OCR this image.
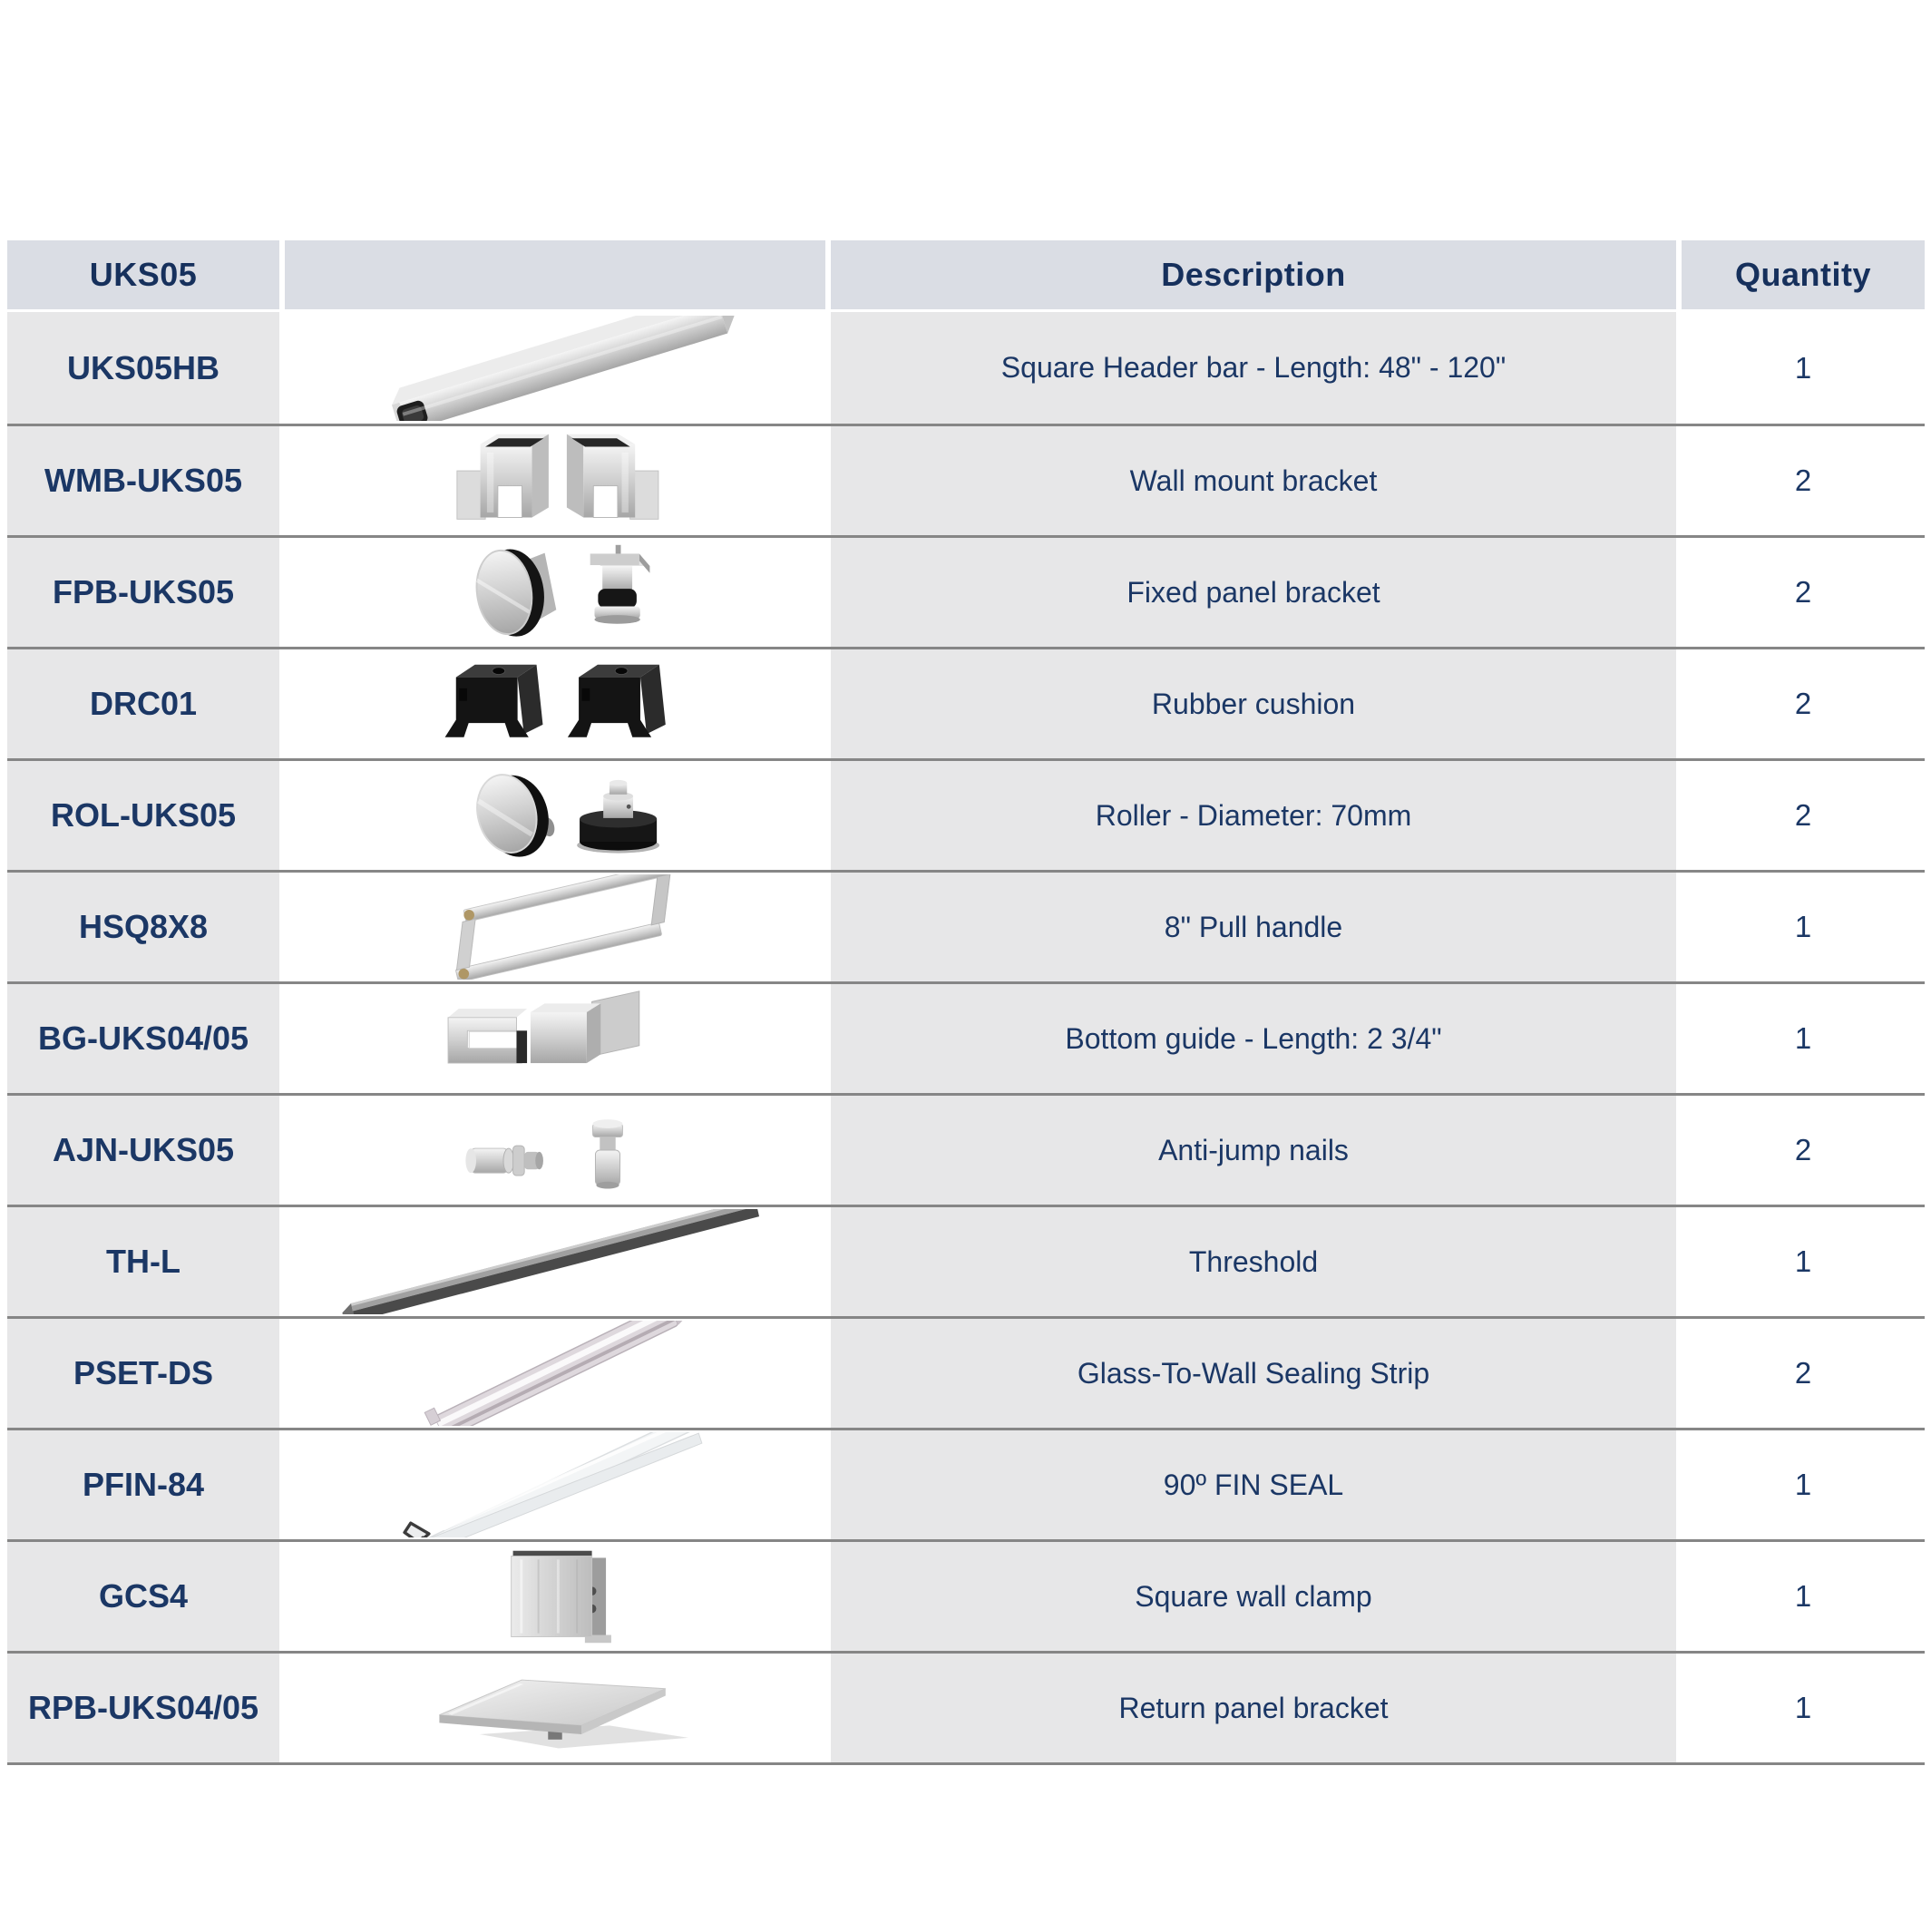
UKS05	Description	Quantity
UKS05HB	Square Header bar - Length: 48" - 120"	1
WMB-UKS05	Wall mount bracket	2
FPB-UKS05	Fixed panel bracket	2
DRC01	Rubber cushion	2
ROL-UKS05	Roller - Diameter: 70mm	2
HSQ8X8	8" Pull handle	1
BG-UKS04/05	Bottom guide - Length: 2 3/4"	1
AJN-UKS05	Anti-jump nails	2
TH-L	Threshold	1
PSET-DS	Glass-To-Wall Sealing Strip	2
PFIN-84	90º FIN SEAL	1
GCS4	Square wall clamp	1
RPB-UKS04/05	Return panel bracket	1
